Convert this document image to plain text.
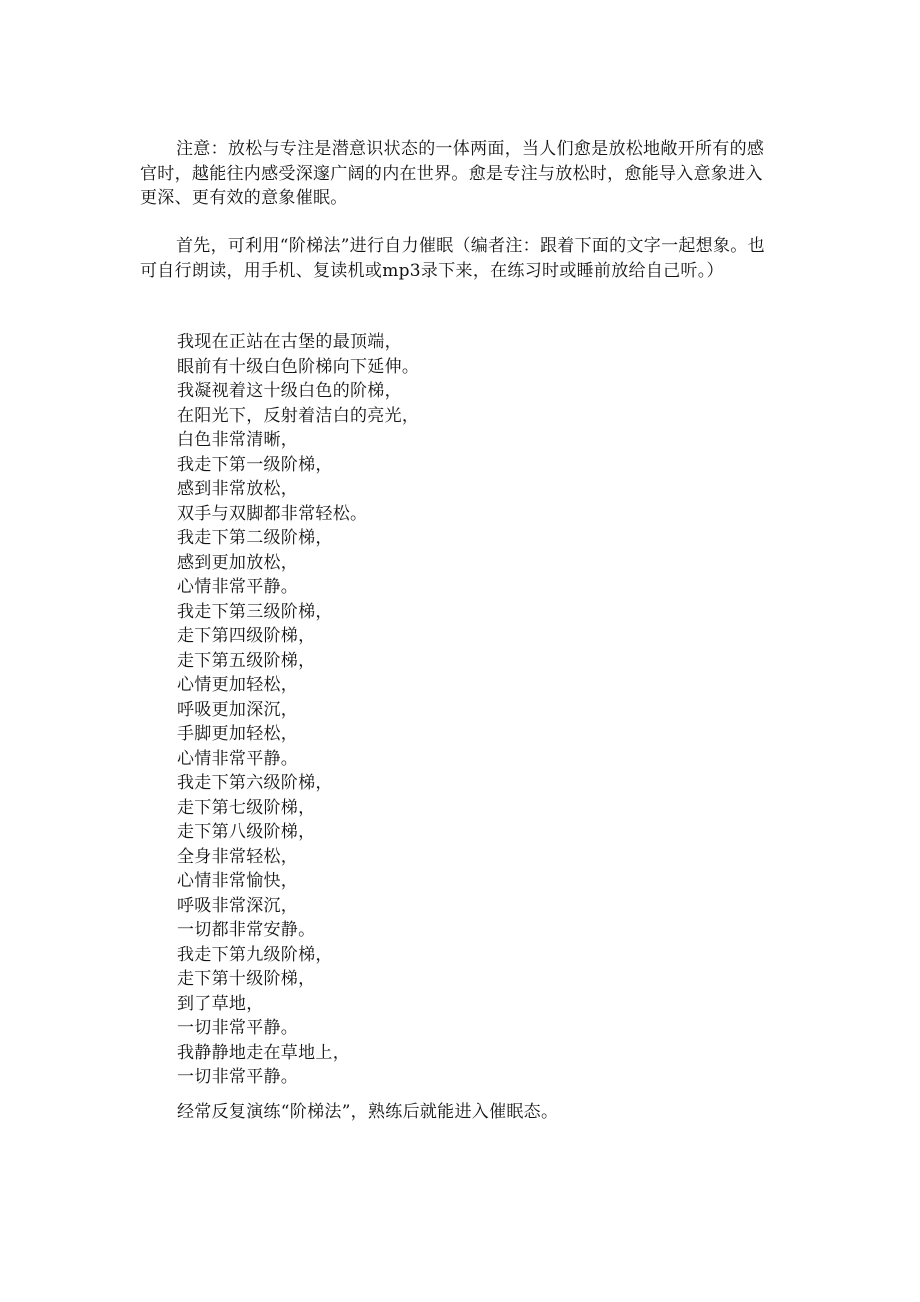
注意：放松与专注是潜意识状态的一体两面，当人们愈是放松地敞开所有的感官时，越能往内感受深邃广阔的内在世界。愈是专注与放松时，愈能导入意象进入更深、更有效的意象催眠。

首先，可利用“阶梯法”进行自力催眠（编者注：跟着下面的文字一起想象。也可自行朗读，用手机、复读机或mp3录下来，在练习时或睡前放给自己听。）

我现在正站在古堡的最顶端，
眼前有十级白色阶梯向下延伸。
我凝视着这十级白色的阶梯，
在阳光下，反射着洁白的亮光，
白色非常清晰，
我走下第一级阶梯，
感到非常放松，
双手与双脚都非常轻松。
我走下第二级阶梯，
感到更加放松，
心情非常平静。
我走下第三级阶梯，
走下第四级阶梯，
走下第五级阶梯，
心情更加轻松，
呼吸更加深沉，
手脚更加轻松，
心情非常平静。
我走下第六级阶梯，
走下第七级阶梯，
走下第八级阶梯，
全身非常轻松，
心情非常愉快，
呼吸非常深沉，
一切都非常安静。
我走下第九级阶梯，
走下第十级阶梯，
到了草地，
一切非常平静。
我静静地走在草地上，
一切非常平静。

经常反复演练“阶梯法”，熟练后就能进入催眠态。
